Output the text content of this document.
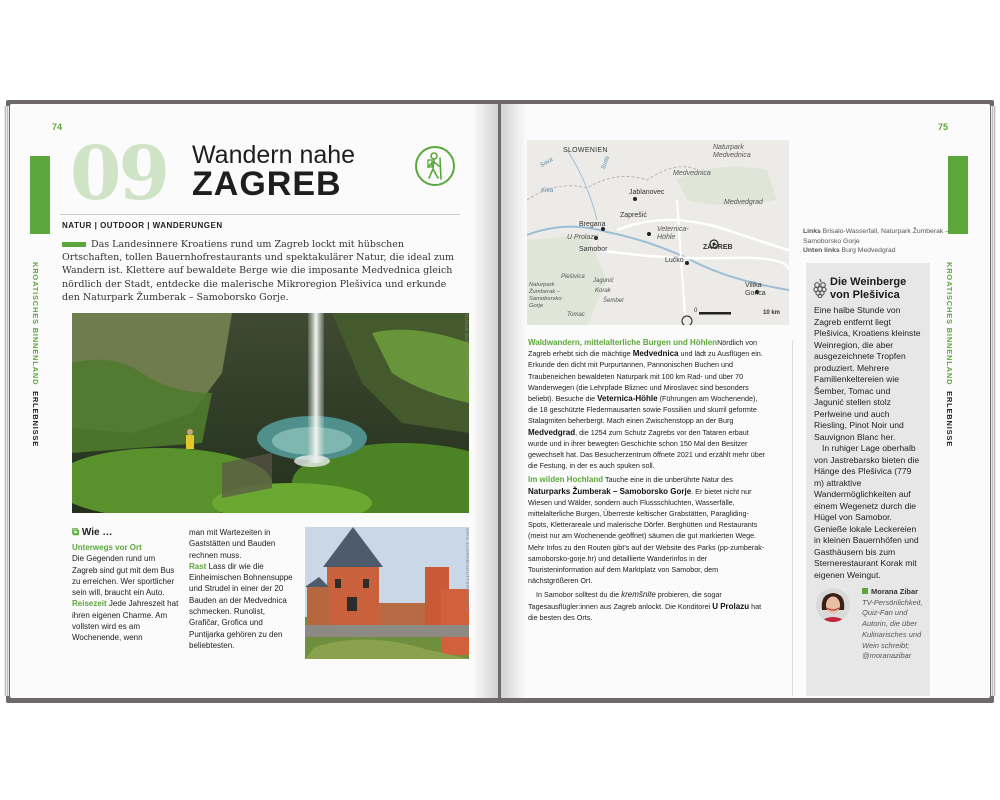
74
KROATISCHES BINNENLAND  ERLEBNISSE
09 Wandern nahe
ZAGREB
NATUR | OUTDOOR | WANDERUNGEN
Das Landesinnere Kroatiens rund um Zagreb lockt mit hübschen Ortschaften, tollen Bauernhofrestaurants und spektakulärer Natur, die ideal zum Wandern ist. Klettere auf bewaldete Berge wie die imposante Medvednica gleich nördlich der Stadt, entdecke die malerische Mikroregion Plešivica und erkunde den Naturpark Žumberak – Samoborsko Gorje.
DUSAN DUKA/GETTY IMAGES ©
⧉ Wie …
Unterwegs vor Ort
Die Gegenden rund um Zagreb sind gut mit dem Bus zu erreichen. Wer sportlicher sein will, braucht ein Auto.
Reisezeit Jede Jahreszeit hat ihren eigenen Charme. Am vollsten wird es am Wochenende, wenn
man mit Wartezeiten in Gaststätten und Bauden rechnen muss.
Rast Lass dir wie die Einheimischen Bohnensuppe und Strudel in einer der 20 Bauden an der Medvednica schmecken. Runolist, Grafičar, Grofica und Puntijarka gehören zu den beliebtesten.
OPIS ZAGREB/SHUTTERSTOCK ©
75
KROATISCHES BINNENLAND  ERLEBNISSE
SLOWENIEN	Naturpark Medvednica
Medvednica
Jablanovec
Medvedgrad
Zaprešić
Bregana
U Prolazu
Samobor
Veternica-Höhle
ZAGREB
Lučko
Vilika Gorica
Plešivica
Jagunić
Korak
Šember
Tomac
Naturpark Žumberak – Samoborsko Gorje
Sava	Sutla
Krka
0	10 km
Links Brisalo-Wasserfall, Naturpark Žumberak – Samoborsko Gorje
Unten links Burg Medvedgrad
Waldwandern, mittelalterliche Burgen und HöhlenNördlich von Zagreb erhebt sich die mächtige Medvednica und lädt zu Ausflügen ein. Erkunde den dicht mit Purpurtannen, Pannonischen Buchen und Traubeneichen bewaldeten Naturpark mit 100 km Rad- und über 70 Wanderwegen (die Lehrpfade Bliznec und Miroslavec sind besonders beliebt). Besuche die Veternica-Höhle (Führungen am Wochenende), die 18 geschützte Fledermausarten sowie Fossilien und skurril geformte Stalagmiten beherbergt. Mach einen Zwischenstopp an der Burg Medvedgrad, die 1254 zum Schutz Zagrebs vor den Tataren erbaut wurde und in ihrer bewegten Geschichte schon 150 Mal den Besitzer gewechselt hat. Das Besucherzentrum öffnete 2021 und erzählt mehr über die Festung, in der es auch spuken soll.
Im wilden Hochland Tauche eine in die unberührte Natur des Naturparks Žumberak – Samoborsko Gorje. Er bietet nicht nur Wiesen und Wälder, sondern auch Flussschluchten, Wasserfälle, mittelalterliche Burgen, Überreste keltischer Grabstätten, Paragliding-Spots, Kletterareale und malerische Dörfer. Berghütten und Restaurants (meist nur am Wochenende geöffnet) säumen die gut markierten Wege. Mehr Infos zu den Routen gibt’s auf der Website des Parks (pp-zumberak-samoborsko-gorje.hr) und detaillierte Wanderinfos in der Touristeninformation auf dem Marktplatz von Samobor, dem nächstgrößeren Ort.
In Samobor solltest du die kremšnite probieren, die sogar Tagesausflügler:innen aus Zagreb anlockt. Die Konditorei U Prolazu hat die besten des Orts.
Die Weinberge
von Plešivica
Eine halbe Stunde von Zagreb entfernt liegt Plešivica, Kroatiens kleinste Weinregion, die aber ausgezeichnete Tropfen produziert. Mehrere Familienkeltereien wie Šember, Tomac und Jagunić stellen stolz Perlweine und auch Riesling, Pinot Noir und Sauvignon Blanc her.
In ruhiger Lage oberhalb von Jastrebarsko bieten die Hänge des Plešivica (779 m) attraktive Wandermöglichkeiten auf einem Wegenetz durch die Hügel von Samobor. Genieße lokale Leckereien in kleinen Bauernhöfen und Gasthäusern bis zum Sternerestaurant Korak mit eigenen Weingut.
Morana Zibar
TV-Persönlichkeit, Quiz-Fan und Autorin, die über Kulinarisches und Wein schreibt; @moranazibar
